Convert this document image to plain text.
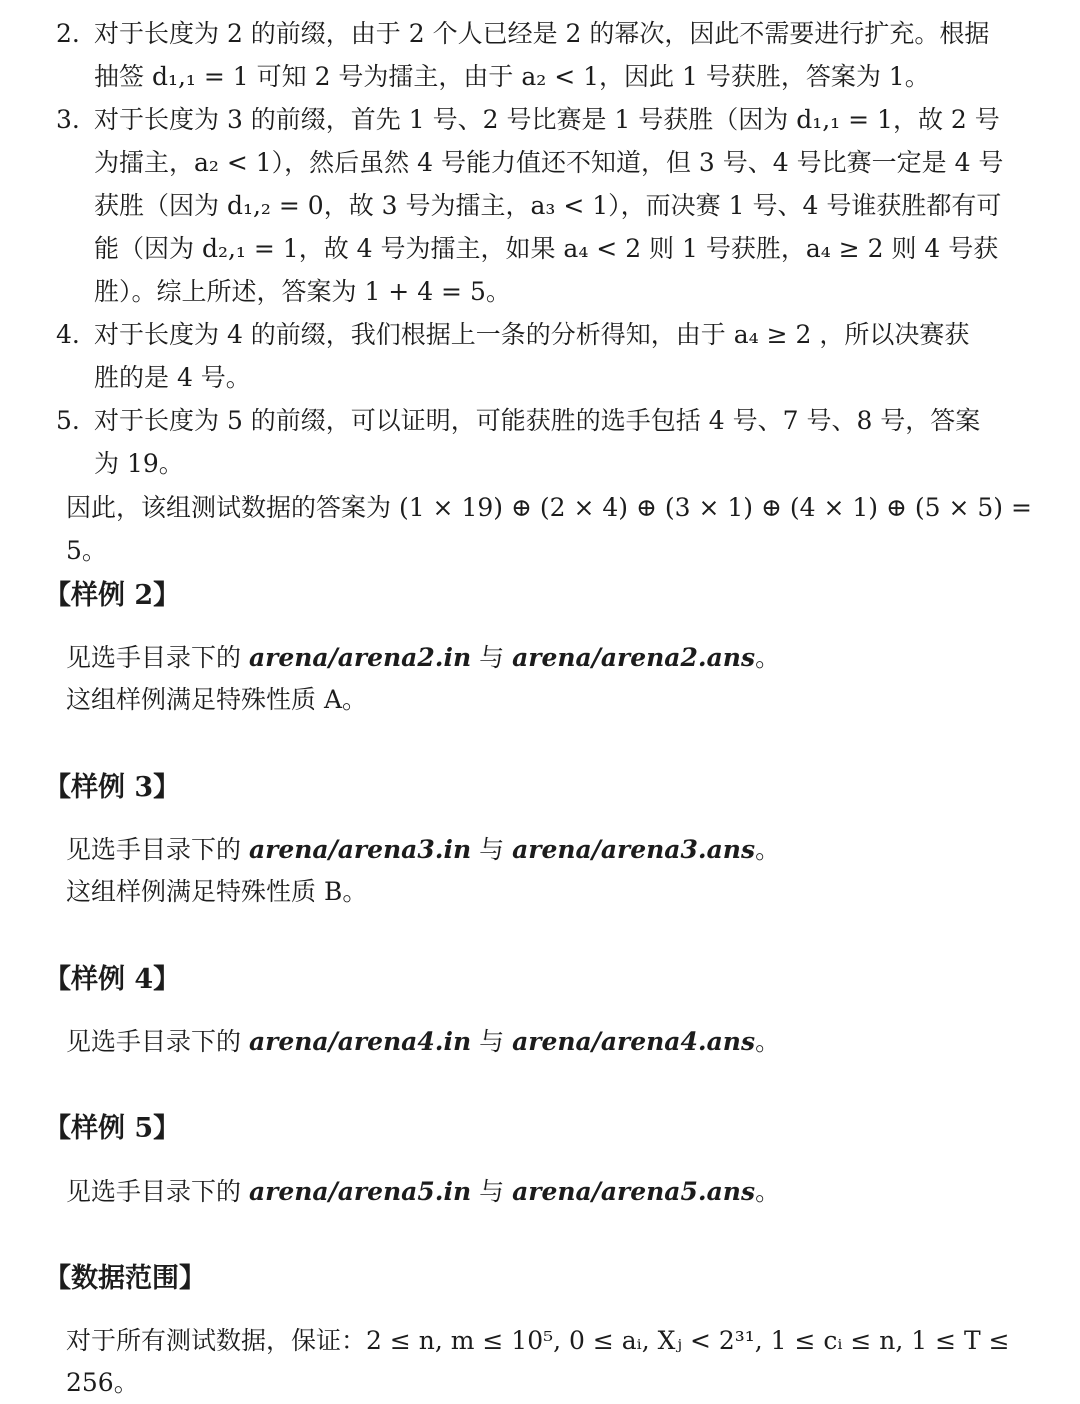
2. 对于长度为 2 的前缀，由于 2 个人已经是 2 的幂次，因此不需要进行扩充。根据
抽签 d₁,₁ = 1 可知 2 号为擂主，由于 a₂ < 1，因此 1 号获胜，答案为 1。
3. 对于长度为 3 的前缀，首先 1 号、2 号比赛是 1 号获胜（因为 d₁,₁ = 1，故 2 号
为擂主，a₂ < 1），然后虽然 4 号能力值还不知道，但 3 号、4 号比赛一定是 4 号
获胜（因为 d₁,₂ = 0，故 3 号为擂主，a₃ < 1），而决赛 1 号、4 号谁获胜都有可
能（因为 d₂,₁ = 1，故 4 号为擂主，如果 a₄ < 2 则 1 号获胜，a₄ ≥ 2 则 4 号获
胜）。综上所述，答案为 1 + 4 = 5。
4. 对于长度为 4 的前缀，我们根据上一条的分析得知，由于 a₄ ≥ 2 ，所以决赛获
胜的是 4 号。
5. 对于长度为 5 的前缀，可以证明，可能获胜的选手包括 4 号、7 号、8 号，答案
为 19。
因此，该组测试数据的答案为 (1 × 19) ⊕ (2 × 4) ⊕ (3 × 1) ⊕ (4 × 1) ⊕ (5 × 5) = 5。
【样例 2】
见选手目录下的 arena/arena2.in 与 arena/arena2.ans。
这组样例满足特殊性质 A。
【样例 3】
见选手目录下的 arena/arena3.in 与 arena/arena3.ans。
这组样例满足特殊性质 B。
【样例 4】
见选手目录下的 arena/arena4.in 与 arena/arena4.ans。
【样例 5】
见选手目录下的 arena/arena5.in 与 arena/arena5.ans。
【数据范围】
对于所有测试数据，保证：2 ≤ n, m ≤ 10⁵, 0 ≤ aᵢ, Xⱼ < 2³¹, 1 ≤ cᵢ ≤ n, 1 ≤ T ≤ 256。
